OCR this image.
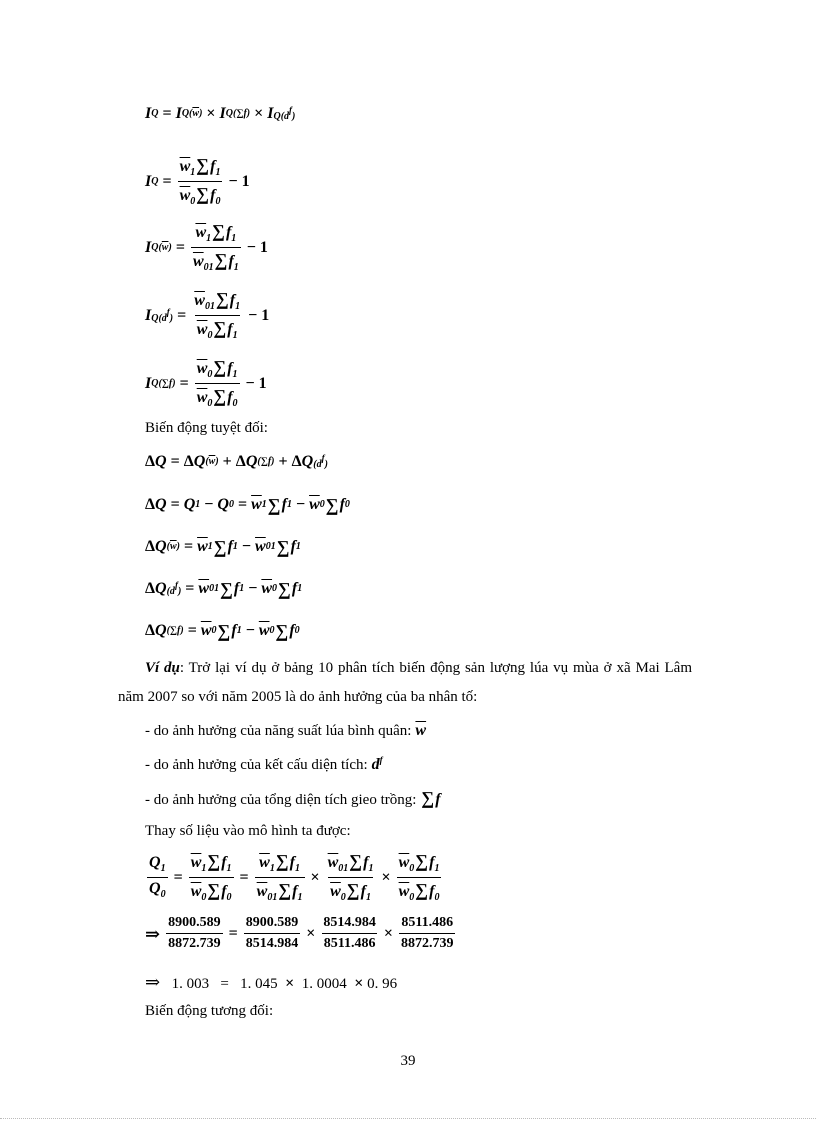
I Q = I $Q(\overline{w}) \times I$ Q(∑f) × I Q(df)
I $Q = \frac{\overline{w}_1\sum f_1}{\overline{w}_0\sum f_0} - 1$
I $Q(\overline{w}) = \frac{\overline{w}_1\sum f_1}{\overline{w}_{01}\sum f_1} - 1$
I $Q(df) = \frac{\overline{w}_{01}\sum f_1}{\overline{w}_0\sum f_1} - 1$
I $Q(\sum f) = \frac{\overline{w}_0\sum f_1}{\overline{w}_0\sum f_0} - 1$
Biến động tuyệt đối:
Δ Q = Δ Q $(\overline{w}) + \Delta$ Q (∑f) + Δ Q (df)
Δ Q = Q 1 − Q $0 = \overline{w}$ 1 ∑ f $1 - \overline{w}$ 0 ∑ f 0
Δ Q $(\overline{w}) = \overline{w}$ 1 ∑ f $1 - \overline{w}$ 01 ∑ f 1
Δ Q $(df) = \overline{w}$ 01 ∑ f $1 - \overline{w}$ 0 ∑ f 1
Δ Q $(\sum f) = \overline{w}$ 0 ∑ f $1 - \overline{w}$ 0 ∑ f 0
Ví dụ: Trở lại ví dụ ở bảng 10 phân tích biến động sản lượng lúa vụ mùa ở xã Mai Lâm năm 2007 so với năm 2005 là do ảnh hưởng của ba nhân tố:
- do ảnh hưởng của năng suất lúa bình quân: $\overline{w}$
- do ảnh hưởng của kết cấu diện tích: $d^f$
- do ảnh hưởng của tổng diện tích gieo trồng: ∑f
Thay số liệu vào mô hình ta được:
$\frac{Q_1}{Q_0} = \frac{\overline{w}_1\sum f_1}{\overline{w}_0\sum f_0} = \frac{\overline{w}_1\sum f_1}{\overline{w}_{01}\sum f_1} \times \frac{\overline{w}_{01}\sum f_1}{\overline{w}_0\sum f_1} \times \frac{\overline{w}_0\sum f_1}{\overline{w}_0\sum f_0}$
⇒ $\frac{8900.589}{8872.739} = \frac{8900.589}{8514.984} \times \frac{8514.984}{8511.486} \times \frac{8511.486}{8872.739}$
⇒ 1. 003   =   1. 045 × 1. 0004 × 0. 96
Biến động tương đối:
39
